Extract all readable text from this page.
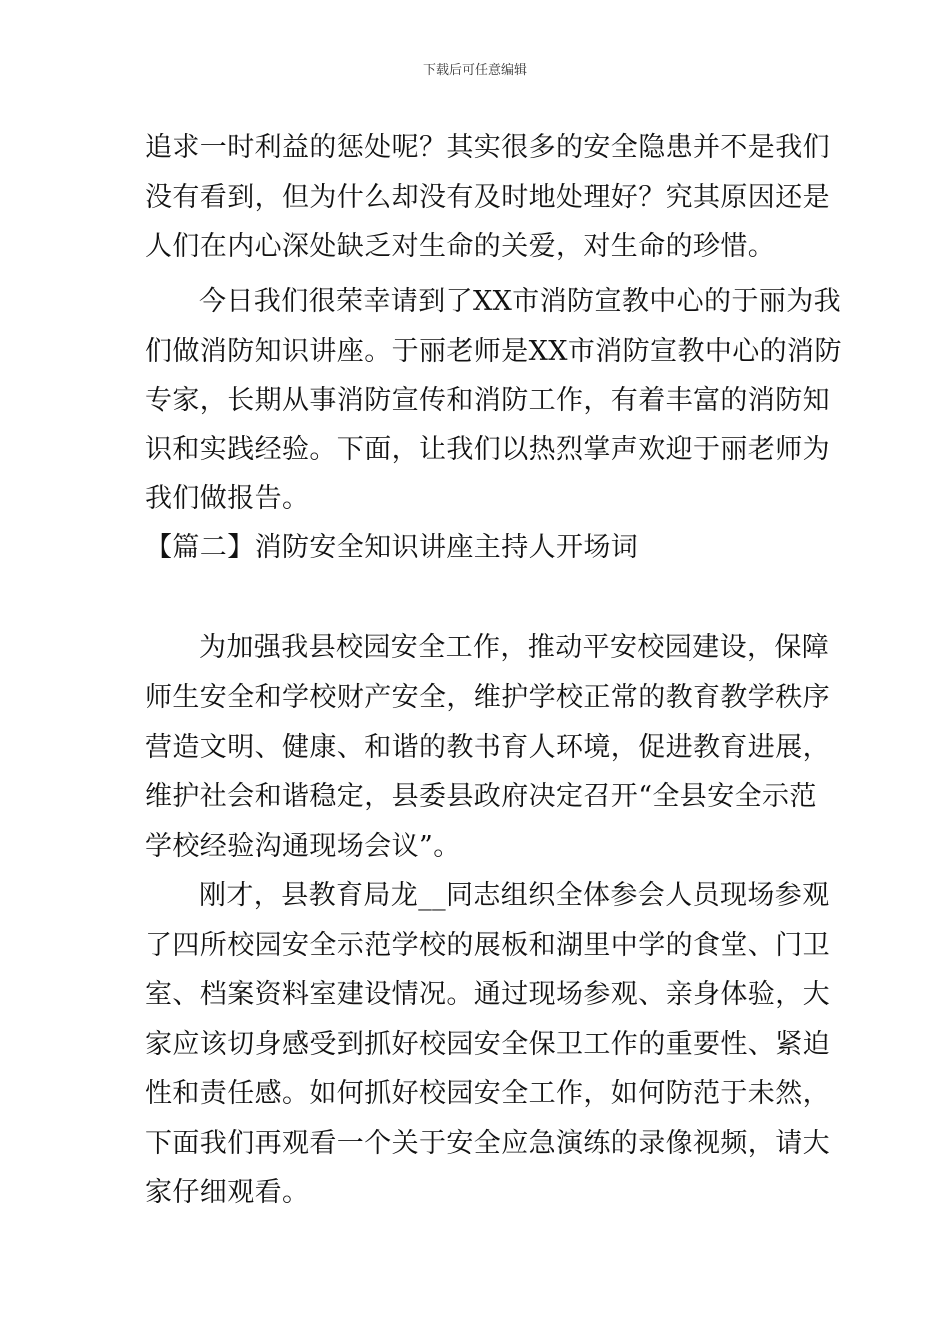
下载后可任意编辑
追求一时利益的惩处呢？其实很多的安全隐患并不是我们
没有看到，但为什么却没有及时地处理好？究其原因还是
人们在内心深处缺乏对生命的关爱，对生命的珍惜。
今日我们很荣幸请到了XX市消防宣教中心的于丽为我
们做消防知识讲座。于丽老师是XX市消防宣教中心的消防
专家，长期从事消防宣传和消防工作，有着丰富的消防知
识和实践经验。下面，让我们以热烈掌声欢迎于丽老师为
我们做报告。
【篇二】消防安全知识讲座主持人开场词
为加强我县校园安全工作，推动平安校园建设，保障
师生安全和学校财产安全，维护学校正常的教育教学秩序
营造文明、健康、和谐的教书育人环境，促进教育进展，
维护社会和谐稳定，县委县政府决定召开“全县安全示范
学校经验沟通现场会议”。
刚才，县教育局龙__同志组织全体参会人员现场参观
了四所校园安全示范学校的展板和湖里中学的食堂、门卫
室、档案资料室建设情况。通过现场参观、亲身体验，大
家应该切身感受到抓好校园安全保卫工作的重要性、紧迫
性和责任感。如何抓好校园安全工作，如何防范于未然，
下面我们再观看一个关于安全应急演练的录像视频，请大
家仔细观看。
